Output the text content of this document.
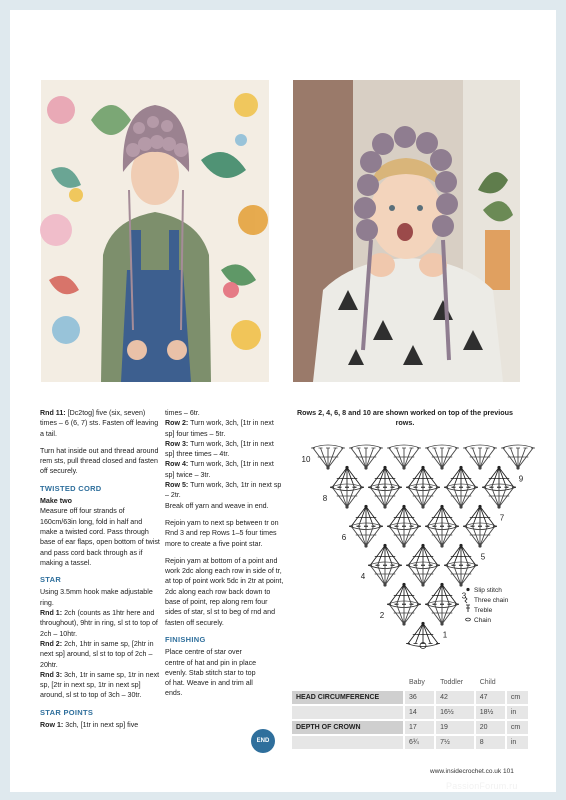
Rnd 11: [Dc2tog] five (six, seven) times – 6 (6, 7) sts. Fasten off leaving a tail.

Turn hat inside out and thread around rem sts, pull thread closed and fasten off securely.

TWISTED CORD
Make two

Measure off four strands of 160cm/63in long, fold in half and make a twisted cord. Pass through base of ear flaps, open bottom of twist and pass cord back through as if making a tassel.

STAR
Using 3.5mm hook make adjustable ring.
Rnd 1: 2ch (counts as 1htr here and throughout), 9htr in ring, sl st to top of 2ch – 10htr.
Rnd 2: 2ch, 1htr in same sp, [2htr in next sp] around, sl st to top of 2ch – 20htr.

Rnd 3: 3ch, 1tr in same sp, 1tr in next sp, [2tr in next sp, 1tr in next sp] around, sl st to top of 3ch – 30tr.

STAR POINTS
Row 1: 3ch, [1tr in next sp] five
times – 6tr.
Row 2: Turn work, 3ch, [1tr in next sp] four times – 5tr.
Row 3: Turn work, 3ch, [1tr in next sp] three times – 4tr.
Row 4: Turn work, 3ch, [1tr in next sp] twice – 3tr.
Row 5: Turn work, 3ch, 1tr in next sp – 2tr.

Break off yarn and weave in end.

Rejoin yarn to next sp between tr on Rnd 3 and rep Rows 1–5 four times more to create a five point star.

Rejoin yarn at bottom of a point and work 2dc along each row in side of tr, at top of point work 5dc in 2tr at point, 2dc along each row back down to base of point, rep along rem four sides of star, sl st to beg of rnd and fasten off securely.

FINISHING
Place centre of star over centre of hat and pin in place evenly. Stab stitch star to top of hat. Weave in and trim all ends.
Rows 2, 4, 6, 8 and 10 are shown worked on top of the previous rows.
10
9
8
7
6
5
4
3
2
1
Slip stitch
Three chain
Treble
Chain
	Baby	Toddler	Child	
HEAD CIRCUMFERENCE	36	42	47	cm
	14	16½	18½	in
DEPTH OF CROWN	17	19	20	cm
	6¾	7½	8	in
END
www.insidecrochet.co.uk 101
PassionForum.ru
